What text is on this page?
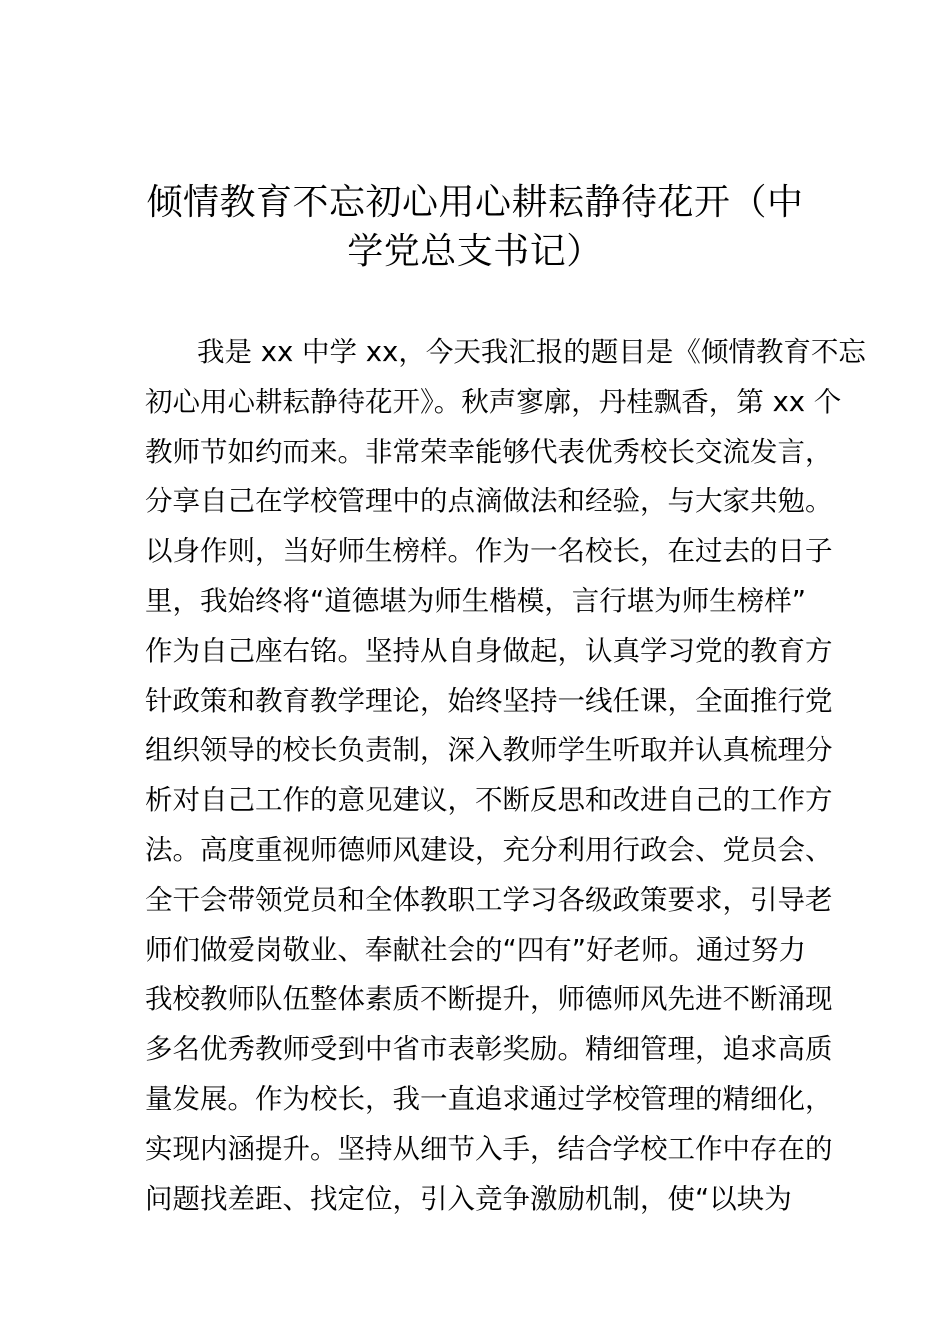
倾情教育不忘初心用心耕耘静待花开（中
学党总支书记）
我是 xx 中学 xx，今天我汇报的题目是《倾情教育不忘
初心用心耕耘静待花开》。秋声寥廓，丹桂飘香，第 xx 个
教师节如约而来。非常荣幸能够代表优秀校长交流发言，
分享自己在学校管理中的点滴做法和经验，与大家共勉。
以身作则，当好师生榜样。作为一名校长，在过去的日子
里，我始终将“道德堪为师生楷模，言行堪为师生榜样”
作为自己座右铭。坚持从自身做起，认真学习党的教育方
针政策和教育教学理论，始终坚持一线任课，全面推行党
组织领导的校长负责制，深入教师学生听取并认真梳理分
析对自己工作的意见建议，不断反思和改进自己的工作方
法。高度重视师德师风建设，充分利用行政会、党员会、
全干会带领党员和全体教职工学习各级政策要求，引导老
师们做爱岗敬业、奉献社会的“四有”好老师。通过努力
我校教师队伍整体素质不断提升，师德师风先进不断涌现
多名优秀教师受到中省市表彰奖励。精细管理，追求高质
量发展。作为校长，我一直追求通过学校管理的精细化，
实现内涵提升。坚持从细节入手，结合学校工作中存在的
问题找差距、找定位，引入竞争激励机制，使“以块为
